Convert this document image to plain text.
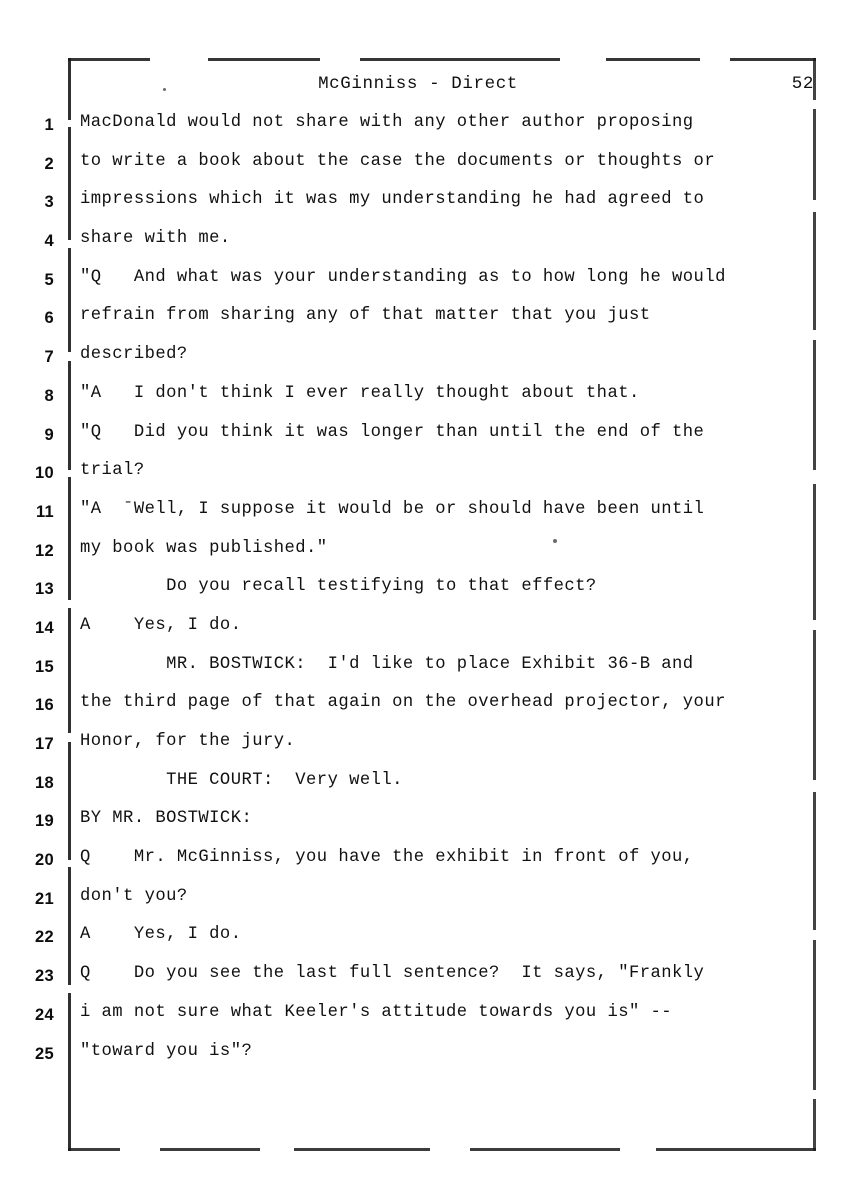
McGinniss - Direct	52
1 MacDonald would not share with any other author proposing
2 to write a book about the case the documents or thoughts or
3 impressions which it was my understanding he had agreed to
4 share with me.
5 "Q   And what was your understanding as to how long he would
6 refrain from sharing any of that matter that you just
7 described?
8 "A   I don't think I ever really thought about that.
9 "Q   Did you think it was longer than until the end of the
10 trial?
11 "A  ˉWell, I suppose it would be or should have been until
12 my book was published."
13 Do you recall testifying to that effect?
14 A    Yes, I do.
15 MR. BOSTWICK:  I'd like to place Exhibit 36-B and
16 the third page of that again on the overhead projector, your
17 Honor, for the jury.
18 THE COURT:  Very well.
19 BY MR. BOSTWICK:
20 Q    Mr. McGinniss, you have the exhibit in front of you,
21 don't you?
22 A    Yes, I do.
23 Q    Do you see the last full sentence?  It says, "Frankly
24 i am not sure what Keeler's attitude towards you is" --
25 "toward you is"?
